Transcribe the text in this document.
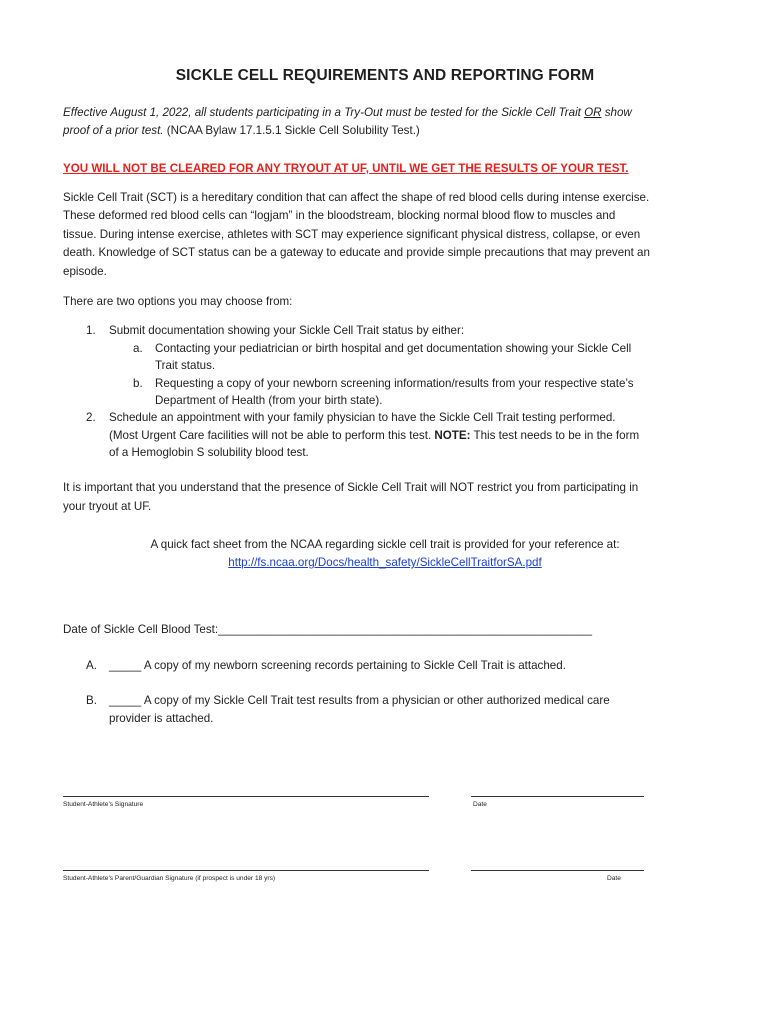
SICKLE CELL REQUIREMENTS AND REPORTING FORM

Effective August 1, 2022, all students participating in a Try-Out must be tested for the Sickle Cell Trait OR show

proof of a prior test. (NCAA Bylaw 17.1.5.1 Sickle Cell Solubility Test.)

YOU WILL NOT BE CLEARED FOR ANY TRYOUT AT UF, UNTIL WE GET THE RESULTS OF YOUR TEST.

Sickle Cell Trait (SCT) is a hereditary condition that can affect the shape of red blood cells during intense exercise.

These deformed red blood cells can “logjam” in the bloodstream, blocking normal blood flow to muscles and

tissue. During intense exercise, athletes with SCT may experience significant physical distress, collapse, or even

death. Knowledge of SCT status can be a gateway to educate and provide simple precautions that may prevent an

episode.

There are two options you may choose from:

1. Submit documentation showing your Sickle Cell Trait status by either:

a. Contacting your pediatrician or birth hospital and get documentation showing your Sickle Cell

Trait status.

b. Requesting a copy of your newborn screening information/results from your respective state’s

Department of Health (from your birth state).

2. Schedule an appointment with your family physician to have the Sickle Cell Trait testing performed.

(Most Urgent Care facilities will not be able to perform this test. NOTE: This test needs to be in the form

of a Hemoglobin S solubility blood test.

It is important that you understand that the presence of Sickle Cell Trait will NOT restrict you from participating in

your tryout at UF.

A quick fact sheet from the NCAA regarding sickle cell trait is provided for your reference at:

http://fs.ncaa.org/Docs/health_safety/SickleCellTraitforSA.pdf

Date of Sickle Cell Blood Test:__________________________________________________________

A. _____ A copy of my newborn screening records pertaining to Sickle Cell Trait is attached.

B. _____ A copy of my Sickle Cell Trait test results from a physician or other authorized medical care

provider is attached.

Student-Athlete’s Signature	Date
Student-Athlete’s Parent/Guardian Signature (if prospect is under 18 yrs)	Date
